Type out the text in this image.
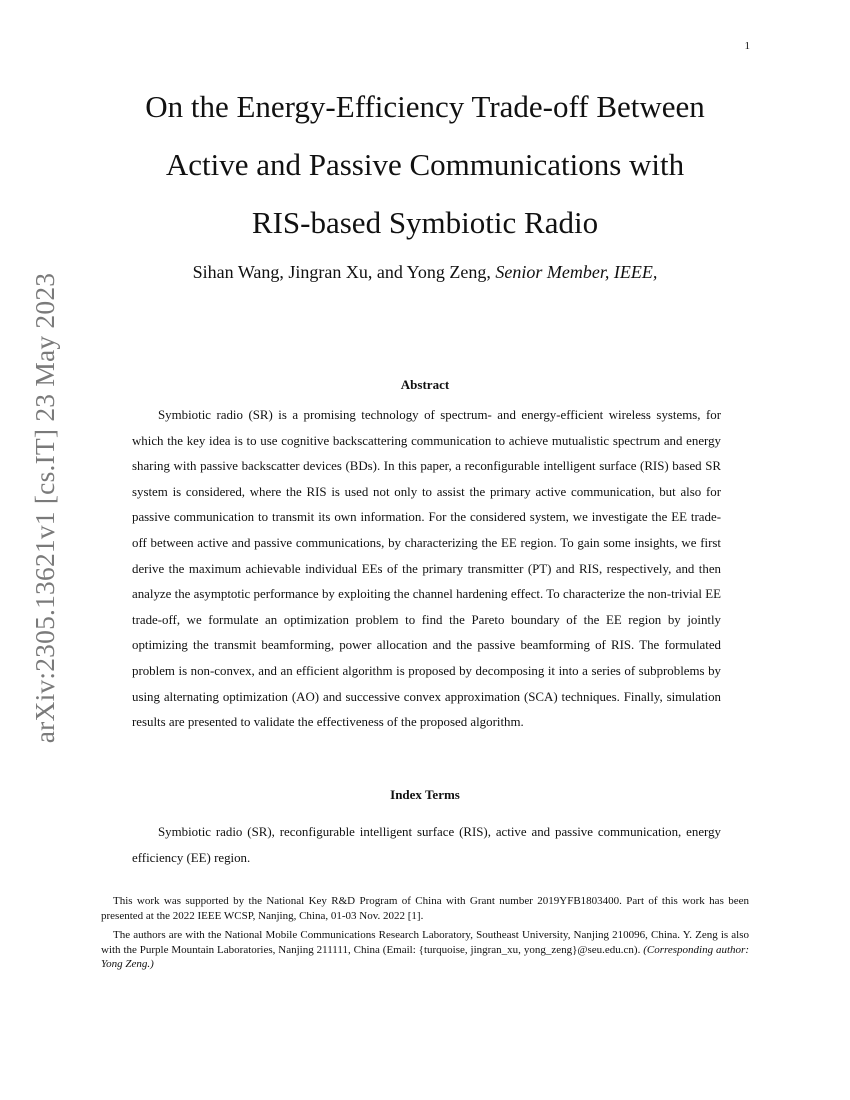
1
arXiv:2305.13621v1 [cs.IT] 23 May 2023
On the Energy-Efficiency Trade-off Between
Active and Passive Communications with
RIS-based Symbiotic Radio
Sihan Wang, Jingran Xu, and Yong Zeng, Senior Member, IEEE,
Abstract

Symbiotic radio (SR) is a promising technology of spectrum- and energy-efficient wireless systems, for which the key idea is to use cognitive backscattering communication to achieve mutualistic spectrum and energy sharing with passive backscatter devices (BDs). In this paper, a reconfigurable intelligent surface (RIS) based SR system is considered, where the RIS is used not only to assist the primary active communication, but also for passive communication to transmit its own information. For the considered system, we investigate the EE trade-off between active and passive communications, by characterizing the EE region. To gain some insights, we first derive the maximum achievable individual EEs of the primary transmitter (PT) and RIS, respectively, and then analyze the asymptotic performance by exploiting the channel hardening effect. To characterize the non-trivial EE trade-off, we formulate an optimization problem to find the Pareto boundary of the EE region by jointly optimizing the transmit beamforming, power allocation and the passive beamforming of RIS. The formulated problem is non-convex, and an efficient algorithm is proposed by decomposing it into a series of subproblems by using alternating optimization (AO) and successive convex approximation (SCA) techniques. Finally, simulation results are presented to validate the effectiveness of the proposed algorithm.

Index Terms

Symbiotic radio (SR), reconfigurable intelligent surface (RIS), active and passive communication, energy efficiency (EE) region.

This work was supported by the National Key R&D Program of China with Grant number 2019YFB1803400. Part of this work has been presented at the 2022 IEEE WCSP, Nanjing, China, 01-03 Nov. 2022 [1].

The authors are with the National Mobile Communications Research Laboratory, Southeast University, Nanjing 210096, China. Y. Zeng is also with the Purple Mountain Laboratories, Nanjing 211111, China (Email: {turquoise, jingran_xu, yong_zeng}@seu.edu.cn). (Corresponding author: Yong Zeng.)
